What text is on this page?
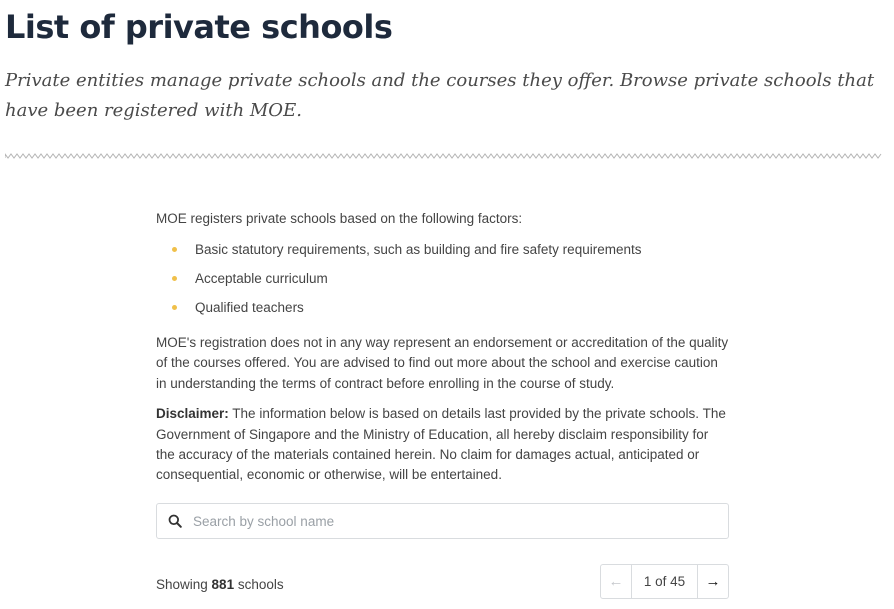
List of private schools

Private entities manage private schools and the courses they offer. Browse private schools that have been registered with MOE.

MOE registers private schools based on the following factors:

Basic statutory requirements, such as building and fire safety requirements
Acceptable curriculum
Qualified teachers

MOE's registration does not in any way represent an endorsement or accreditation of the quality of the courses offered. You are advised to find out more about the school and exercise caution in understanding the terms of contract before enrolling in the course of study.

Disclaimer: The information below is based on details last provided by the private schools. The Government of Singapore and the Ministry of Education, all hereby disclaim responsibility for the accuracy of the materials contained herein. No claim for damages actual, anticipated or consequential, economic or otherwise, will be entertained.

Search by school name
Showing 881 schools	←	1 of 45	→
